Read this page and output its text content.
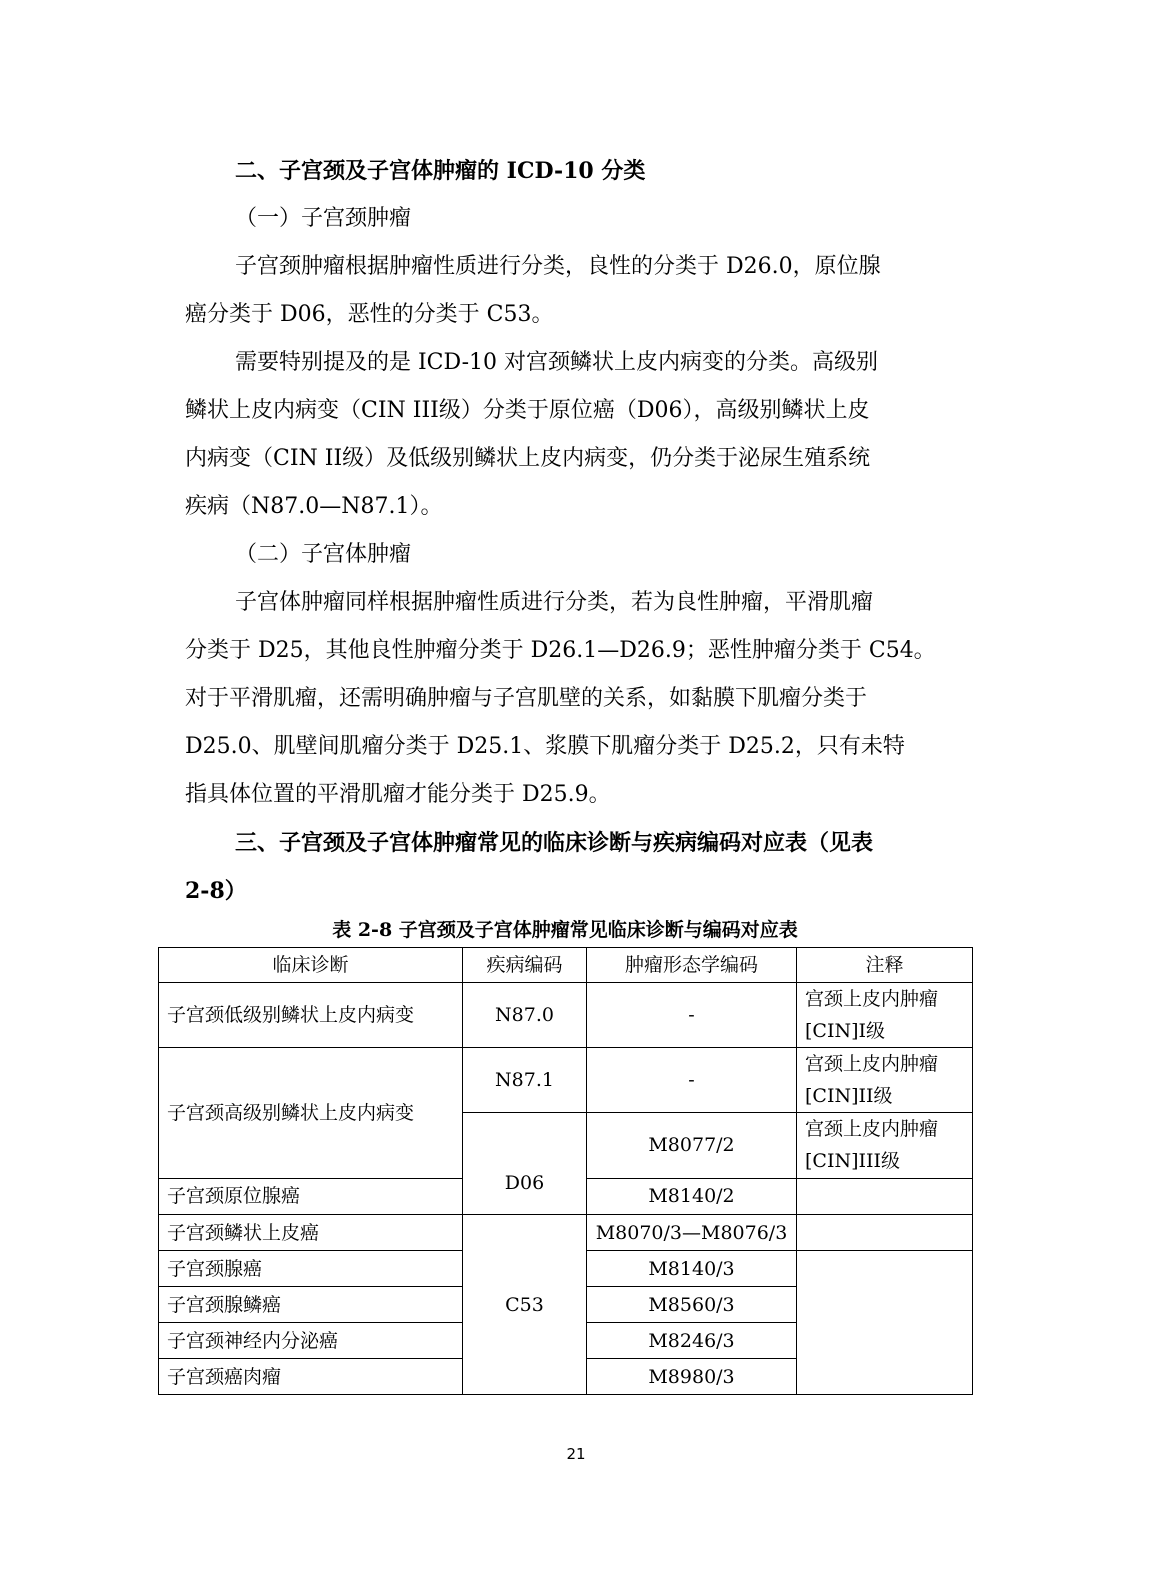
二、子宫颈及子宫体肿瘤的 ICD-10 分类
（一）子宫颈肿瘤
子宫颈肿瘤根据肿瘤性质进行分类，良性的分类于 D26.0，原位腺
癌分类于 D06，恶性的分类于 C53。
需要特别提及的是 ICD-10 对宫颈鳞状上皮内病变的分类。高级别
鳞状上皮内病变（CIN III级）分类于原位癌（D06），高级别鳞状上皮
内病变（CIN II级）及低级别鳞状上皮内病变，仍分类于泌尿生殖系统
疾病（N87.0—N87.1）。
（二）子宫体肿瘤
子宫体肿瘤同样根据肿瘤性质进行分类，若为良性肿瘤，平滑肌瘤
分类于 D25，其他良性肿瘤分类于 D26.1—D26.9；恶性肿瘤分类于 C54。
对于平滑肌瘤，还需明确肿瘤与子宫肌壁的关系，如黏膜下肌瘤分类于
D25.0、肌壁间肌瘤分类于 D25.1、浆膜下肌瘤分类于 D25.2，只有未特
指具体位置的平滑肌瘤才能分类于 D25.9。
三、子宫颈及子宫体肿瘤常见的临床诊断与疾病编码对应表（见表
2-8）
表 2-8 子宫颈及子宫体肿瘤常见临床诊断与编码对应表
临床诊断	疾病编码	肿瘤形态学编码	注释
子宫颈低级别鳞状上皮内病变	N87.0	-	宫颈上皮内肿瘤
[CIN]I级
子宫颈高级别鳞状上皮内病变	N87.1	-	宫颈上皮内肿瘤
[CIN]II级
	D06	M8077/2	宫颈上皮内肿瘤
[CIN]III级
子宫颈原位腺癌		M8140/2	
子宫颈鳞状上皮癌	C53	M8070/3—M8076/3	
子宫颈腺癌		M8140/3	
子宫颈腺鳞癌		M8560/3	
子宫颈神经内分泌癌		M8246/3	
子宫颈癌肉瘤		M8980/3	
21
